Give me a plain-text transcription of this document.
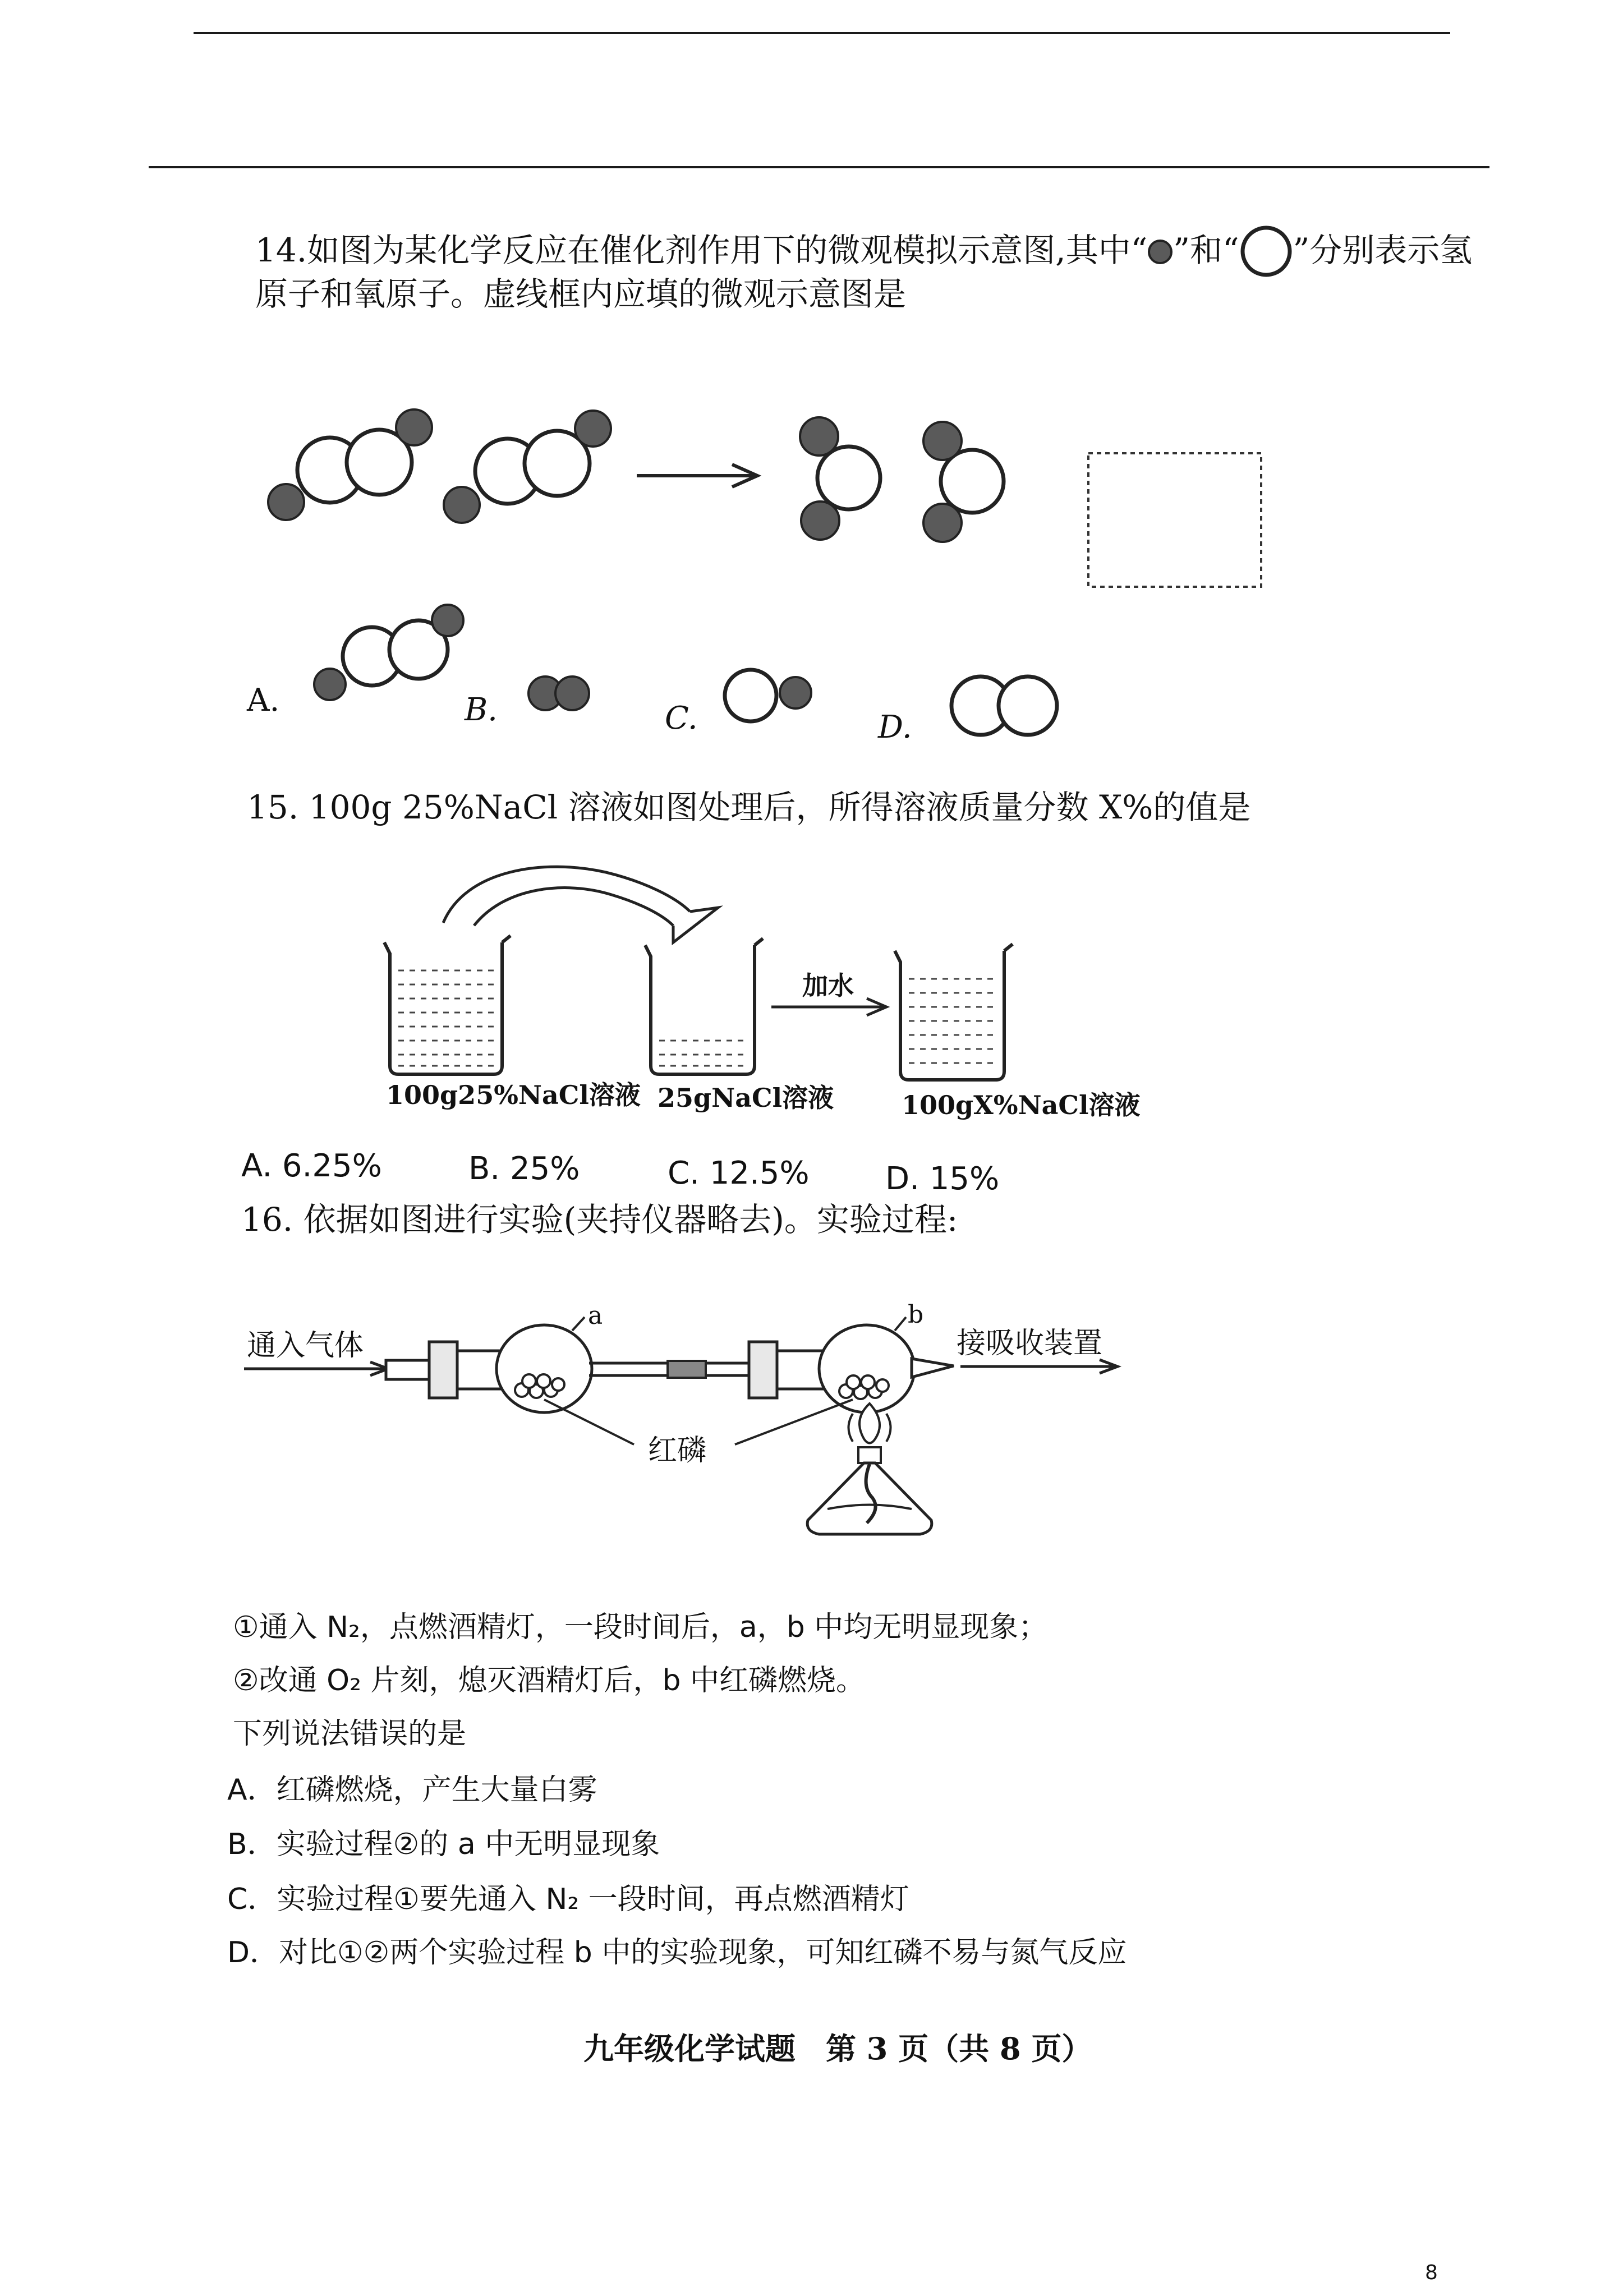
14.如图为某化学反应在催化剂作用下的微观模拟示意图,其中“ ”和“ ”分别表示氢
原子和氧原子。虚线框内应填的微观示意图是
A.	B.	C.	D.
15. 100g 25%NaCl 溶液如图处理后，所得溶液质量分数 X%的值是
加水
100g25%NaCl溶液 25gNaCl溶液	100gX%NaCl溶液
A. 6.25%	B. 25%	C. 12.5% D. 15%
16. 依据如图进行实验(夹持仪器略去)。实验过程:
通入气体	接吸收装置
a	b
红磷
①通入 N₂，点燃酒精灯，一段时间后，a，b 中均无明显现象；
②改通 O₂ 片刻，熄灭酒精灯后，b 中红磷燃烧。
下列说法错误的是
A．红磷燃烧，产生大量白雾
B．实验过程②的 a 中无明显现象
C．实验过程①要先通入 N₂ 一段时间，再点燃酒精灯
D．对比①②两个实验过程 b 中的实验现象，可知红磷不易与氮气反应
九年级化学试题　第 3 页（共 8 页）
8
